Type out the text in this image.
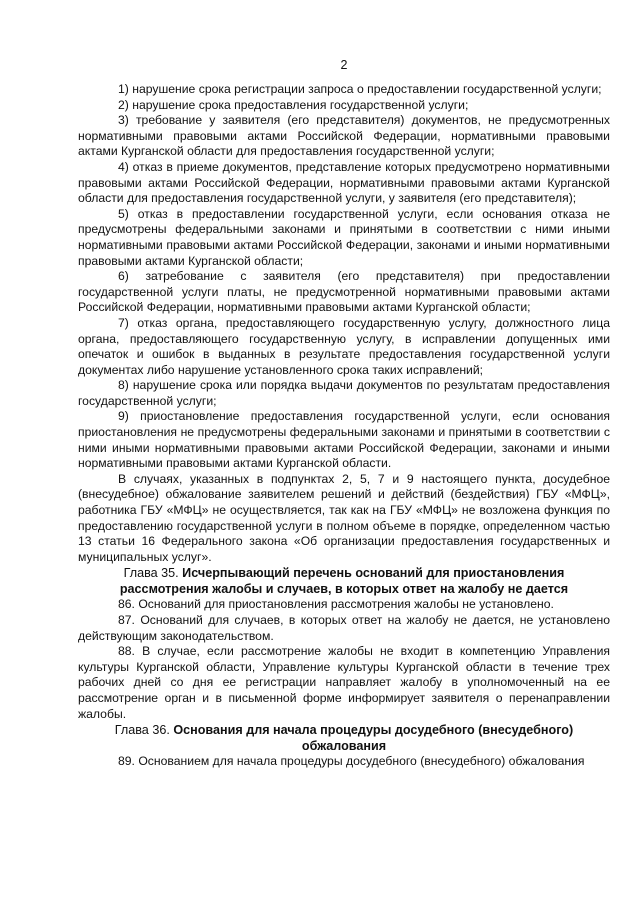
2

1) нарушение срока регистрации запроса о предоставлении государственной услуги;

2) нарушение срока предоставления государственной услуги;

3) требование у заявителя (его представителя) документов, не предусмотренных нормативными правовыми актами Российской Федерации, нормативными правовыми актами Курганской области для предоставления государственной услуги;

4) отказ в приеме документов, представление которых предусмотрено нормативными правовыми актами Российской Федерации, нормативными правовыми актами Курганской области для предоставления государственной услуги, у заявителя (его представителя);

5) отказ в предоставлении государственной услуги, если основания отказа не предусмотрены федеральными законами и принятыми в соответствии с ними иными нормативными правовыми актами Российской Федерации, законами и иными нормативными правовыми актами Курганской области;

6) затребование с заявителя (его представителя) при предоставлении государственной услуги платы, не предусмотренной нормативными правовыми актами Российской Федерации, нормативными правовыми актами Курганской области;

7) отказ органа, предоставляющего государственную услугу, должностного лица органа, предоставляющего государственную услугу, в исправлении допущенных ими опечаток и ошибок в выданных в результате предоставления государственной услуги документах либо нарушение установленного срока таких исправлений;

8) нарушение срока или порядка выдачи документов по результатам предоставления государственной услуги;

9) приостановление предоставления государственной услуги, если основания приостановления не предусмотрены федеральными законами и принятыми в соответствии с ними иными нормативными правовыми актами Российской Федерации, законами и иными нормативными правовыми актами Курганской области.

В случаях, указанных в подпунктах 2, 5, 7 и 9 настоящего пункта, досудебное (внесудебное) обжалование заявителем решений и действий (бездействия) ГБУ «МФЦ», работника ГБУ «МФЦ» не осуществляется, так как на ГБУ «МФЦ» не возложена функция по предоставлению государственной услуги в полном объеме в порядке, определенном частью 13 статьи 16 Федерального закона «Об организации предоставления государственных и муниципальных услуг».

Глава 35. Исчерпывающий перечень оснований для приостановления рассмотрения жалобы и случаев, в которых ответ на жалобу не дается

86. Оснований для приостановления рассмотрения жалобы не установлено.

87. Оснований для случаев, в которых ответ на жалобу не дается, не установлено действующим законодательством.

88. В случае, если рассмотрение жалобы не входит в компетенцию Управления культуры Курганской области, Управление культуры Курганской области в течение трех рабочих дней со дня ее регистрации направляет жалобу в уполномоченный на ее рассмотрение орган и в письменной форме информирует заявителя о перенаправлении жалобы.

Глава 36. Основания для начала процедуры досудебного (внесудебного) обжалования

89. Основанием для начала процедуры досудебного (внесудебного) обжалования
